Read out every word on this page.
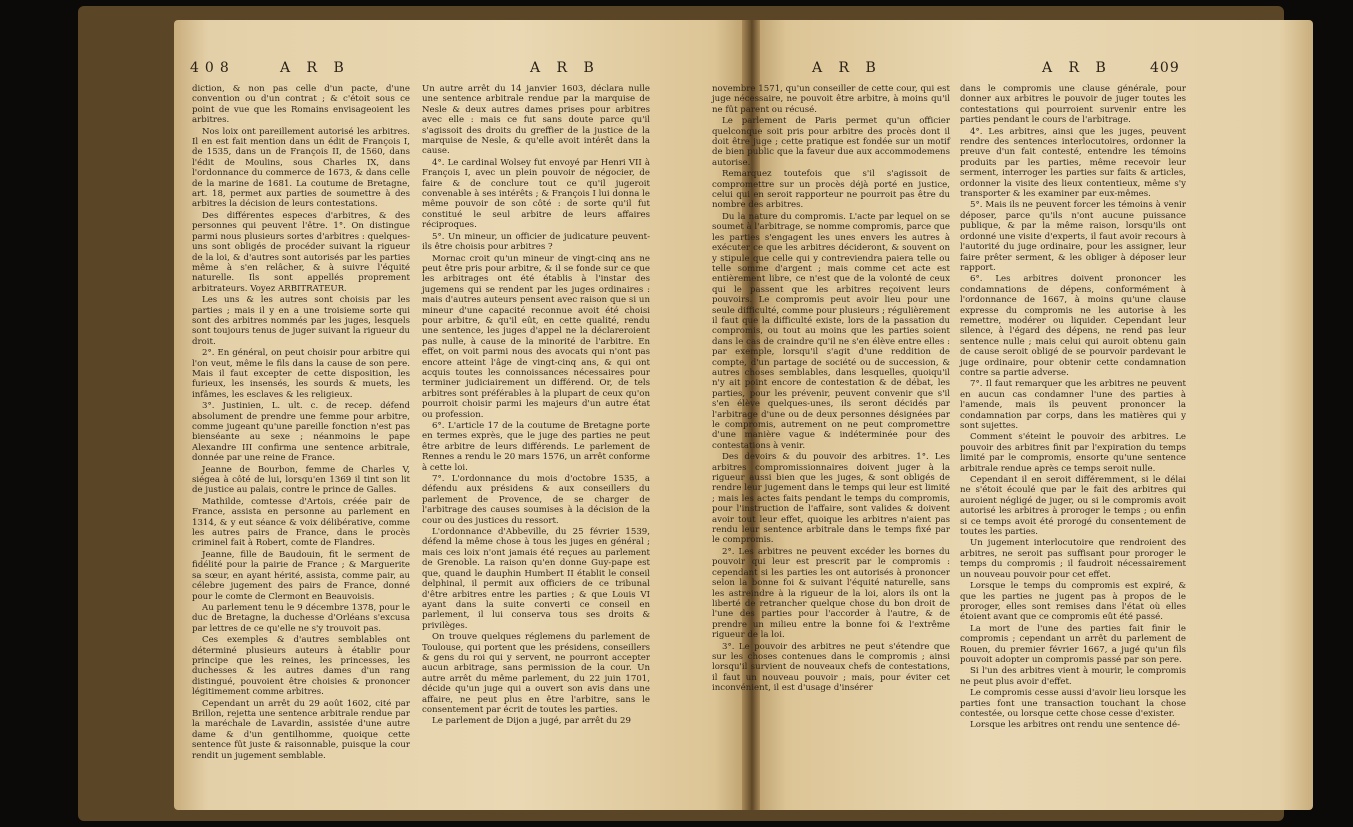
408	A R B	A R B

diction, & non pas celle d'un pacte, d'une convention ou d'un contrat ; & c'étoit sous ce point de vue que les Romains envisageoient les arbitres.

Nos loix ont pareillement autorisé les arbitres. Il en est fait mention dans un édit de François I, de 1535, dans un de François II, de 1560, dans l'édit de Moulins, sous Charles IX, dans l'ordonnance du commerce de 1673, & dans celle de la marine de 1681. La coutume de Bretagne, art. 18, permet aux parties de soumettre à des arbitres la décision de leurs contestations.

Des différentes especes d'arbitres, & des personnes qui peuvent l'être. 1°. On distingue parmi nous plusieurs sortes d'arbitres : quelques-uns sont obligés de procéder suivant la rigueur de la loi, & d'autres sont autorisés par les parties même à s'en relâcher, & à suivre l'équité naturelle. Ils sont appellés proprement arbitrateurs. Voyez ARBITRATEUR.

Les uns & les autres sont choisis par les parties ; mais il y en a une troisieme sorte qui sont des arbitres nommés par les juges, lesquels sont toujours tenus de juger suivant la rigueur du droit.

2°. En général, on peut choisir pour arbitre qui l'on veut, même le fils dans la cause de son pere. Mais il faut excepter de cette disposition, les furieux, les insensés, les sourds & muets, les infâmes, les esclaves & les religieux.

3°. Justinien, L. ult. c. de recep. défend absolument de prendre une femme pour arbitre, comme jugeant qu'une pareille fonction n'est pas bienséante au sexe ; néanmoins le pape Alexandre III confirma une sentence arbitrale, donnée par une reine de France.

Jeanne de Bourbon, femme de Charles V, siégea à côté de lui, lorsqu'en 1369 il tint son lit de justice au palais, contre le prince de Galles.

Mathilde, comtesse d'Artois, créée pair de France, assista en personne au parlement en 1314, & y eut séance & voix délibérative, comme les autres pairs de France, dans le procès criminel fait à Robert, comte de Flandres.

Jeanne, fille de Baudouin, fit le serment de fidélité pour la pairie de France ; & Marguerite sa sœur, en ayant hérité, assista, comme pair, au célebre jugement des pairs de France, donné pour le comte de Clermont en Beauvoisis.

Au parlement tenu le 9 décembre 1378, pour le duc de Bretagne, la duchesse d'Orléans s'excusa par lettres de ce qu'elle ne s'y trouvoit pas.

Ces exemples & d'autres semblables ont déterminé plusieurs auteurs à établir pour principe que les reines, les princesses, les duchesses & les autres dames d'un rang distingué, pouvoient être choisies & prononcer légitimement comme arbitres.

Cependant un arrêt du 29 août 1602, cité par Brillon, rejetta une sentence arbitrale rendue par la maréchale de Lavardin, assistée d'une autre dame & d'un gentilhomme, quoique cette sentence fût juste & raisonnable, puisque la cour rendit un jugement semblable.

Un autre arrêt du 14 janvier 1603, déclara nulle une sentence arbitrale rendue par la marquise de Nesle & deux autres dames prises pour arbitres avec elle : mais ce fut sans doute parce qu'il s'agissoit des droits du greffier de la justice de la marquise de Nesle, & qu'elle avoit intérêt dans la cause.

4°. Le cardinal Wolsey fut envoyé par Henri VII à François I, avec un plein pouvoir de négocier, de faire & de conclure tout ce qu'il jugeroit convenable à ses intérêts ; & François I lui donna le même pouvoir de son côté : de sorte qu'il fut constitué le seul arbitre de leurs affaires réciproques.

5°. Un mineur, un officier de judicature peuvent-ils être choisis pour arbitres ?

Mornac croit qu'un mineur de vingt-cinq ans ne peut être pris pour arbitre, & il se fonde sur ce que les arbitrages ont été établis à l'instar des jugemens qui se rendent par les juges ordinaires : mais d'autres auteurs pensent avec raison que si un mineur d'une capacité reconnue avoit été choisi pour arbitre, & qu'il eût, en cette qualité, rendu une sentence, les juges d'appel ne la déclareroient pas nulle, à cause de la minorité de l'arbitre. En effet, on voit parmi nous des avocats qui n'ont pas encore atteint l'âge de vingt-cinq ans, & qui ont acquis toutes les connoissances nécessaires pour terminer judiciairement un différend. Or, de tels arbitres sont préférables à la plupart de ceux qu'on pourroit choisir parmi les majeurs d'un autre état ou profession.

6°. L'article 17 de la coutume de Bretagne porte en termes exprès, que le juge des parties ne peut être arbitre de leurs différends. Le parlement de Rennes a rendu le 20 mars 1576, un arrêt conforme à cette loi.

7°. L'ordonnance du mois d'octobre 1535, a défendu aux présidens & aux conseillers du parlement de Provence, de se charger de l'arbitrage des causes soumises à la décision de la cour ou des justices du ressort.

L'ordonnance d'Abbeville, du 25 février 1539, défend la même chose à tous les juges en général ; mais ces loix n'ont jamais été reçues au parlement de Grenoble. La raison qu'en donne Guy-pape est que, quand le dauphin Humbert II établit le conseil delphinal, il permit aux officiers de ce tribunal d'être arbitres entre les parties ; & que Louis VI ayant dans la suite converti ce conseil en parlement, il lui conserva tous ses droits & privilèges.

On trouve quelques réglemens du parlement de Toulouse, qui portent que les présidens, conseillers & gens du roi qui y servent, ne pourront accepter aucun arbitrage, sans permission de la cour. Un autre arrêt du même parlement, du 22 juin 1701, décide qu'un juge qui a ouvert son avis dans une affaire, ne peut plus en être l'arbitre, sans le consentement par écrit de toutes les parties.

Le parlement de Dijon a jugé, par arrêt du 29

A R B	A R B	409

novembre 1571, qu'un conseiller de cette cour, qui est juge nécessaire, ne pouvoit être arbitre, à moins qu'il ne fût parent ou récusé.

Le parlement de Paris permet qu'un officier quelconque soit pris pour arbitre des procès dont il doit être juge ; cette pratique est fondée sur un motif de bien public que la faveur due aux accommodemens autorise.

Remarquez toutefois que s'il s'agissoit de compromettre sur un procès déjà porté en justice, celui qui en seroit rapporteur ne pourroit pas être du nombre des arbitres.

Du la nature du compromis. L'acte par lequel on se soumet à l'arbitrage, se nomme compromis, parce que les parties s'engagent les unes envers les autres à exécuter ce que les arbitres décideront, & souvent on y stipule que celle qui y contreviendra paiera telle ou telle somme d'argent ; mais comme cet acte est entièrement libre, ce n'est que de la volonté de ceux qui le passent que les arbitres reçoivent leurs pouvoirs. Le compromis peut avoir lieu pour une seule difficulté, comme pour plusieurs ; régulièrement il faut que la difficulté existe, lors de la passation du compromis, ou tout au moins que les parties soient dans le cas de craindre qu'il ne s'en élève entre elles : par exemple, lorsqu'il s'agit d'une reddition de compte, d'un partage de société ou de succession, & autres choses semblables, dans lesquelles, quoiqu'il n'y ait point encore de contestation & de débat, les parties, pour les prévenir, peuvent convenir que s'il s'en élève quelques-unes, ils seront décidés par l'arbitrage d'une ou de deux personnes désignées par le compromis, autrement on ne peut compromettre d'une manière vague & indéterminée pour des contestations à venir.

Des devoirs & du pouvoir des arbitres. 1°. Les arbitres compromissionnaires doivent juger à la rigueur aussi bien que les juges, & sont obligés de rendre leur jugement dans le temps qui leur est limité ; mais les actes faits pendant le temps du compromis, pour l'instruction de l'affaire, sont valides & doivent avoir tout leur effet, quoique les arbitres n'aient pas rendu leur sentence arbitrale dans le temps fixé par le compromis.

2°. Les arbitres ne peuvent excéder les bornes du pouvoir qui leur est prescrit par le compromis : cependant si les parties les ont autorisés à prononcer selon la bonne foi & suivant l'équité naturelle, sans les astreindre à la rigueur de la loi, alors ils ont la liberté de retrancher quelque chose du bon droit de l'une des parties pour l'accorder à l'autre, & de prendre un milieu entre la bonne foi & l'extrême rigueur de la loi.

3°. Le pouvoir des arbitres ne peut s'étendre que sur les choses contenues dans le compromis ; ainsi lorsqu'il survient de nouveaux chefs de contestations, il faut un nouveau pouvoir ; mais, pour éviter cet inconvénient, il est d'usage d'insérer

dans le compromis une clause générale, pour donner aux arbitres le pouvoir de juger toutes les contestations qui pourroient survenir entre les parties pendant le cours de l'arbitrage.

4°. Les arbitres, ainsi que les juges, peuvent rendre des sentences interlocutoires, ordonner la preuve d'un fait contesté, entendre les témoins produits par les parties, même recevoir leur serment, interroger les parties sur faits & articles, ordonner la visite des lieux contentieux, même s'y transporter & les examiner par eux-mêmes.

5°. Mais ils ne peuvent forcer les témoins à venir déposer, parce qu'ils n'ont aucune puissance publique, & par la même raison, lorsqu'ils ont ordonné une visite d'experts, il faut avoir recours à l'autorité du juge ordinaire, pour les assigner, leur faire prêter serment, & les obliger à déposer leur rapport.

6°. Les arbitres doivent prononcer les condamnations de dépens, conformément à l'ordonnance de 1667, à moins qu'une clause expresse du compromis ne les autorise à les remettre, modérer ou liquider. Cependant leur silence, à l'égard des dépens, ne rend pas leur sentence nulle ; mais celui qui auroit obtenu gain de cause seroit obligé de se pourvoir pardevant le juge ordinaire, pour obtenir cette condamnation contre sa partie adverse.

7°. Il faut remarquer que les arbitres ne peuvent en aucun cas condamner l'une des parties à l'amende, mais ils peuvent prononcer la condamnation par corps, dans les matières qui y sont sujettes.

Comment s'éteint le pouvoir des arbitres. Le pouvoir des arbitres finit par l'expiration du temps limité par le compromis, ensorte qu'une sentence arbitrale rendue après ce temps seroit nulle.

Cependant il en seroit différemment, si le délai ne s'étoit écoulé que par le fait des arbitres qui auroient négligé de juger, ou si le compromis avoit autorisé les arbitres à proroger le temps ; ou enfin si ce temps avoit été prorogé du consentement de toutes les parties.

Un jugement interlocutoire que rendroient des arbitres, ne seroit pas suffisant pour proroger le temps du compromis ; il faudroit nécessairement un nouveau pouvoir pour cet effet.

Lorsque le temps du compromis est expiré, & que les parties ne jugent pas à propos de le proroger, elles sont remises dans l'état où elles étoient avant que ce compromis eût été passé.

La mort de l'une des parties fait finir le compromis ; cependant un arrêt du parlement de Rouen, du premier février 1667, a jugé qu'un fils pouvoit adopter un compromis passé par son pere.

Si l'un des arbitres vient à mourir, le compromis ne peut plus avoir d'effet.

Le compromis cesse aussi d'avoir lieu lorsque les parties font une transaction touchant la chose contestée, ou lorsque cette chose cesse d'exister.

Lorsque les arbitres ont rendu une sentence dé-
